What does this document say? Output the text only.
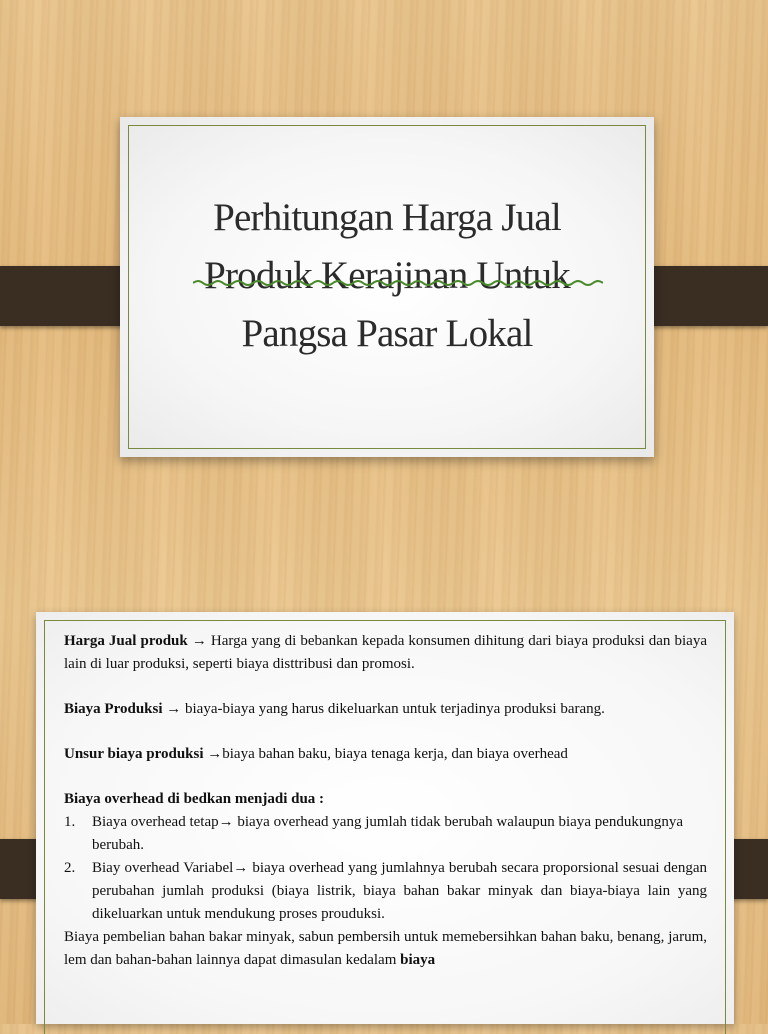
Perhitungan Harga Jual
Produk Kerajinan Untuk
Pangsa Pasar Lokal

Harga Jual produk → Harga yang di bebankan kepada konsumen dihitung dari biaya produksi dan biaya lain di luar produksi, seperti biaya disttribusi dan promosi.

Biaya Produksi → biaya-biaya yang harus dikeluarkan untuk terjadinya produksi barang.

Unsur biaya produksi →biaya bahan baku, biaya tenaga kerja, dan biaya overhead

Biaya overhead di bedkan menjadi dua :

1. Biaya overhead tetap→ biaya overhead yang jumlah tidak berubah walaupun biaya pendukungnya berubah.
2. Biay overhead Variabel→ biaya overhead yang jumlahnya berubah secara proporsional sesuai dengan perubahan jumlah produksi (biaya listrik, biaya bahan bakar minyak dan biaya-biaya lain yang dikeluarkan untuk mendukung proses prouduksi.

Biaya pembelian bahan bakar minyak, sabun pembersih untuk memebersihkan bahan baku, benang, jarum, lem dan bahan-bahan lainnya dapat dimasulan kedalam biaya
